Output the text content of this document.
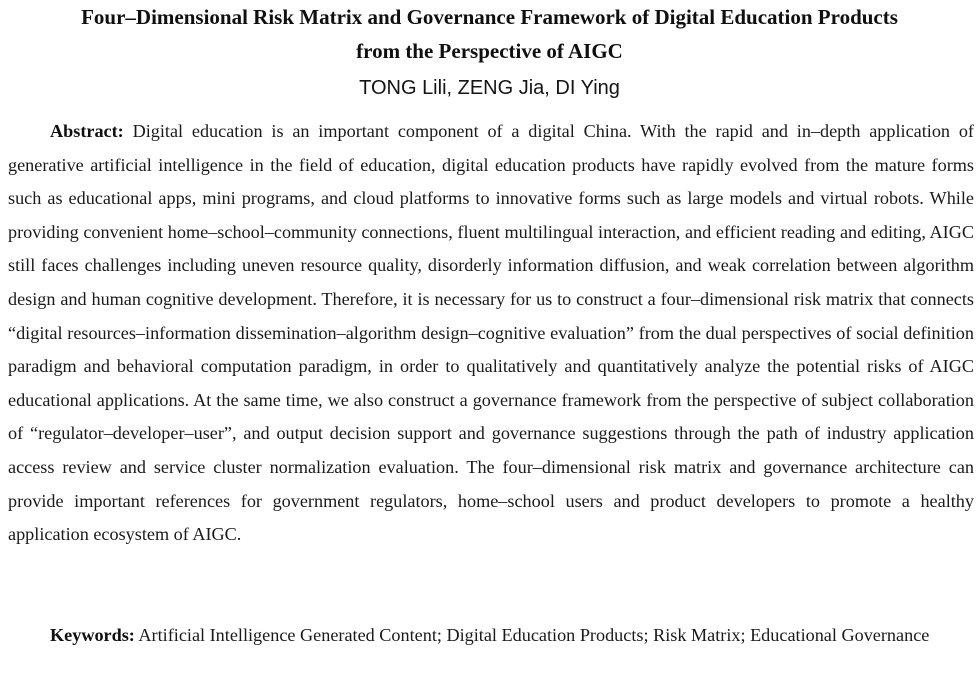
Four–Dimensional Risk Matrix and Governance Framework of Digital Education Products
from the Perspective of AIGC

TONG Lili, ZENG Jia, DI Ying

Abstract: Digital education is an important component of a digital China. With the rapid and in–depth application of generative artificial intelligence in the field of education, digital education products have rapidly evolved from the mature forms such as educational apps, mini programs, and cloud platforms to innovative forms such as large models and virtual robots. While providing convenient home–school–community connections, fluent multilingual interaction, and efficient reading and editing, AIGC still faces challenges including uneven resource quality, disorderly information diffusion, and weak correlation between algorithm design and human cognitive development. Therefore, it is necessary for us to construct a four–dimensional risk matrix that connects “digital resources–information dissemination–algorithm design–cognitive evaluation” from the dual perspectives of social definition paradigm and behavioral computation paradigm, in order to qualitatively and quantitatively analyze the potential risks of AIGC educational applications. At the same time, we also construct a governance framework from the perspective of subject collaboration of “regulator–developer–user”, and output decision support and governance suggestions through the path of industry application access review and service cluster normalization evaluation. The four–dimensional risk matrix and governance architecture can provide important references for government regulators, home–school users and product developers to promote a healthy application ecosystem of AIGC.

Keywords: Artificial Intelligence Generated Content; Digital Education Products; Risk Matrix; Educational Governance
